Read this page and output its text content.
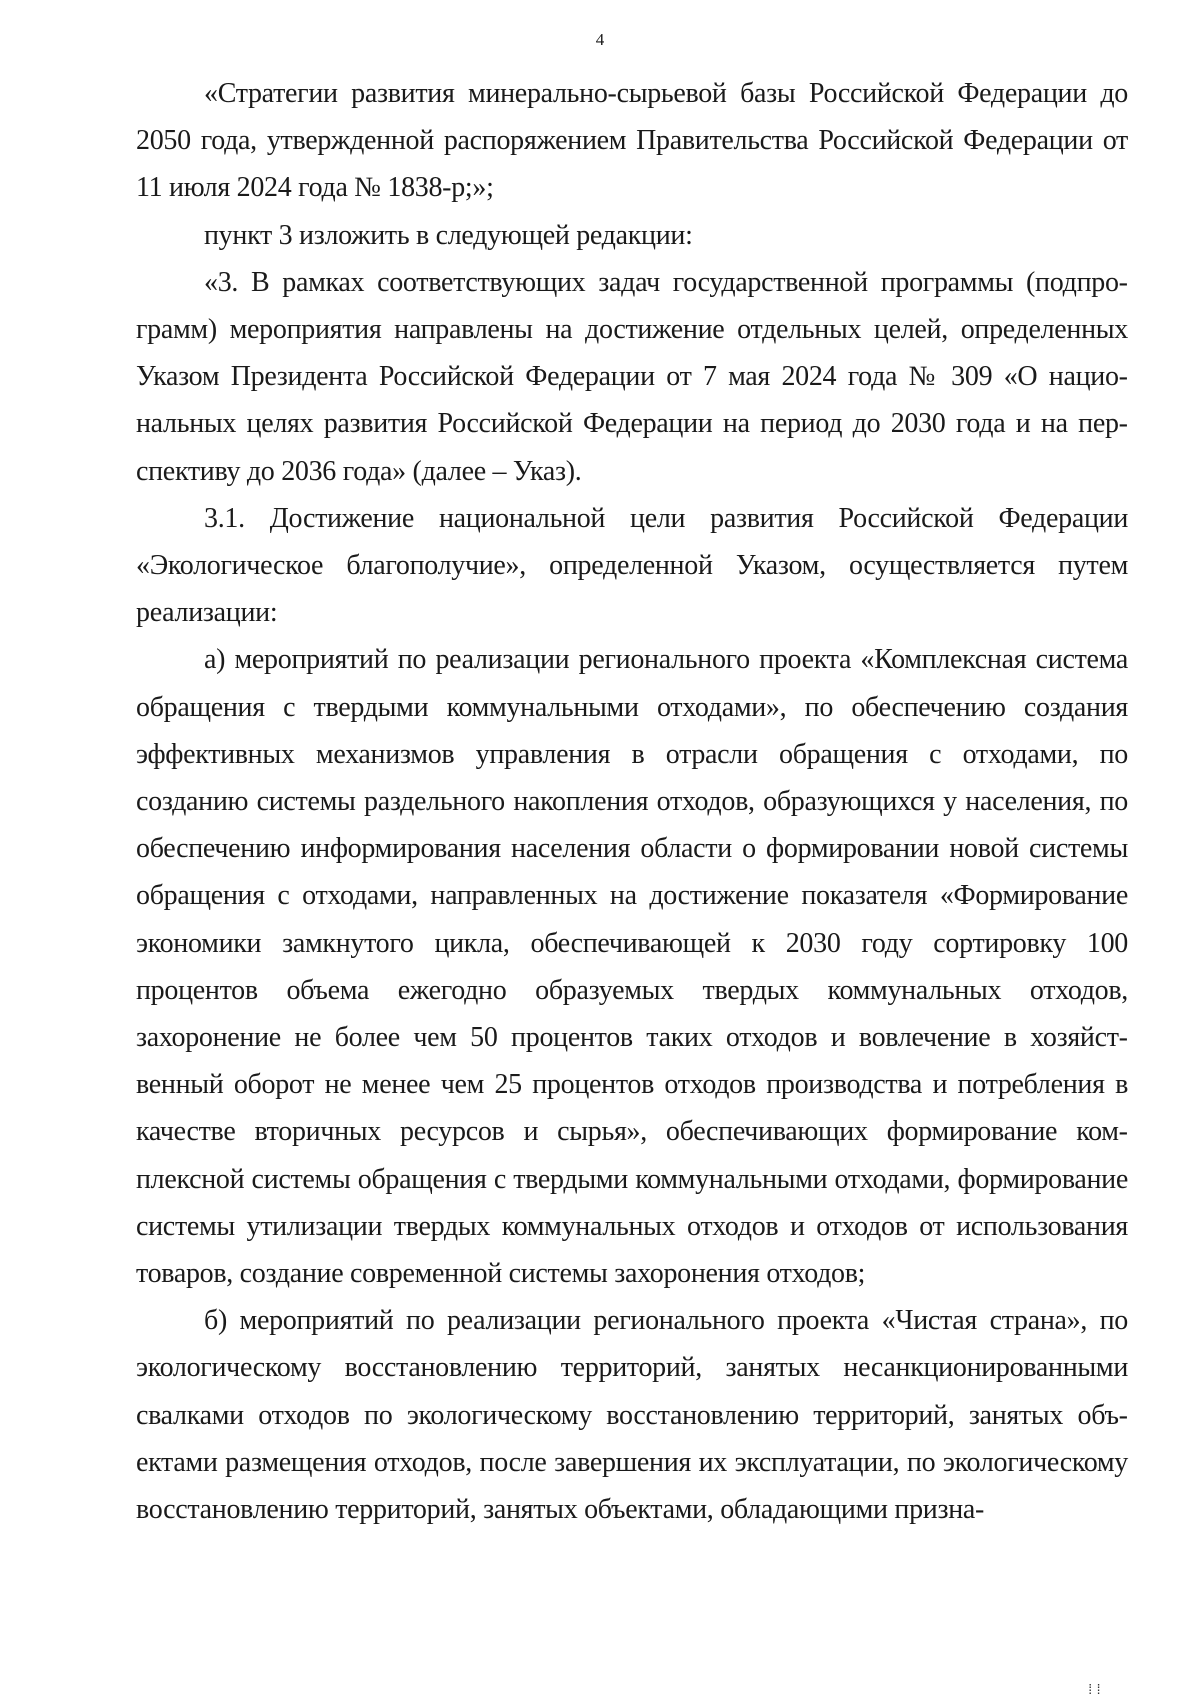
4

«Стратегии развития минерально-сырьевой базы Российской Федерации до 2050 года, утвержденной распоряжением Правительства Российской Федерации от 11 июля 2024 года № 1838-р;»;

пункт 3 изложить в следующей редакции:

«3. В рамках соответствующих задач государственной программы (подпрограмм) мероприятия направлены на достижение отдельных целей, определенных Указом Президента Российской Федерации от 7 мая 2024 года № 309 «О национальных целях развития Российской Федерации на период до 2030 года и на перспективу до 2036 года» (далее – Указ).

3.1. Достижение национальной цели развития Российской Федерации «Экологическое благополучие», определенной Указом, осуществляется путем реализации:

а) мероприятий по реализации регионального проекта «Комплексная система обращения с твердыми коммунальными отходами», по обеспечению создания эффективных механизмов управления в отрасли обращения с отходами, по созданию системы раздельного накопления отходов, образующихся у населения, по обеспечению информирования населения области о формировании новой системы обращения с отходами, направленных на достижение показателя «Формирование экономики замкнутого цикла, обеспечивающей к 2030 году сортировку 100 процентов объема ежегодно образуемых твердых коммунальных отходов, захоронение не более чем 50 процентов таких отходов и вовлечение в хозяйственный оборот не менее чем 25 процентов отходов производства и потребления в качестве вторичных ресурсов и сырья», обеспечивающих формирование комплексной системы обращения с твердыми коммунальными отходами, формирование системы утилизации твердых коммунальных отходов и отходов от использования товаров, создание современной системы захоронения отходов;

б) мероприятий по реализации регионального проекта «Чистая страна», по экологическому восстановлению территорий, занятых несанкционированными свалками отходов по экологическому восстановлению территорий, занятых объектами размещения отходов, после завершения их эксплуатации, по экологическому восстановлению территорий, занятых объектами, обладающими призна-

⁞⁞
